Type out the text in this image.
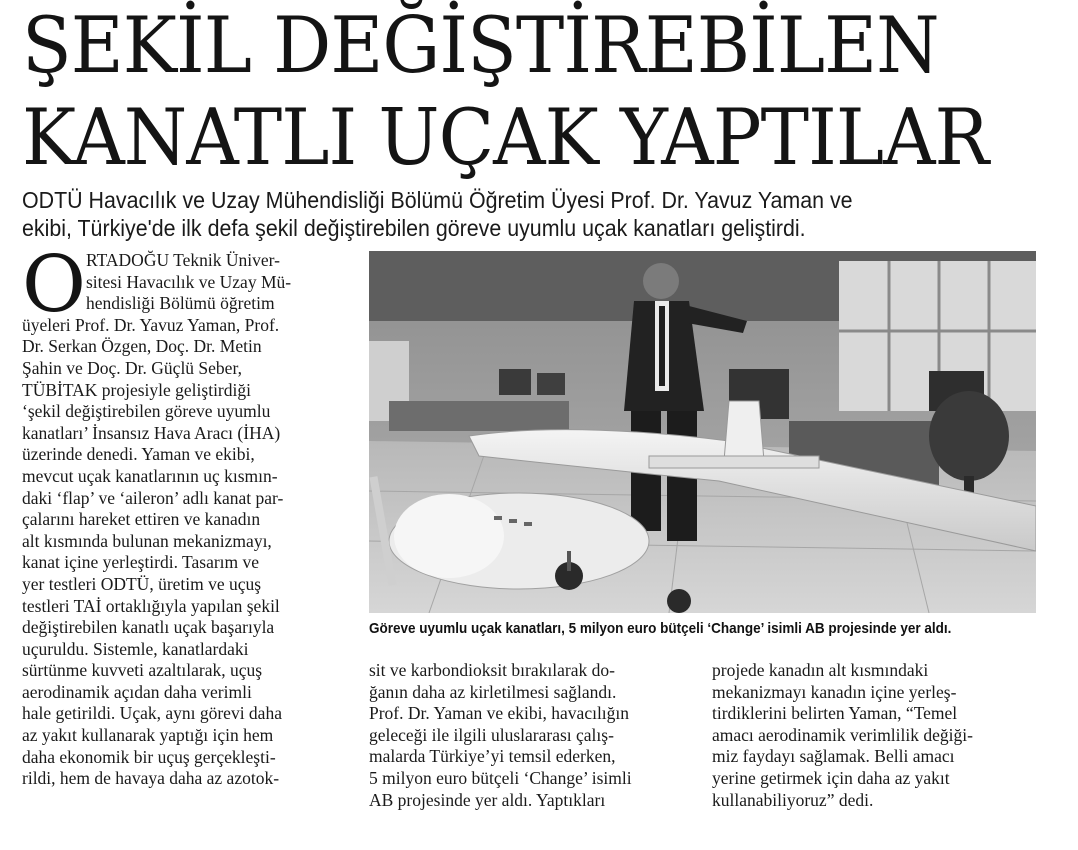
ŞEKİL DEĞİŞTİREBİLEN
KANATLI UÇAK YAPTILAR
ODTÜ Havacılık ve Uzay Mühendisliği Bölümü Öğretim Üyesi Prof. Dr. Yavuz Yaman ve
ekibi, Türkiye'de ilk defa şekil değiştirebilen göreve uyumlu uçak kanatları geliştirdi.
O RTADOĞU Teknik Üniver-
sitesi Havacılık ve Uzay Mü-
hendisliği Bölümü öğretim
üyeleri Prof. Dr. Yavuz Yaman, Prof.
Dr. Serkan Özgen, Doç. Dr. Metin
Şahin ve Doç. Dr. Güçlü Seber,
TÜBİTAK projesiyle geliştirdiği
‘şekil değiştirebilen göreve uyumlu
kanatları’ İnsansız Hava Aracı (İHA)
üzerinde denedi. Yaman ve ekibi,
mevcut uçak kanatlarının uç kısmın-
daki ‘flap’ ve ‘aileron’ adlı kanat par-
çalarını hareket ettiren ve kanadın
alt kısmında bulunan mekanizmayı,
kanat içine yerleştirdi. Tasarım ve
yer testleri ODTÜ, üretim ve uçuş
testleri TAİ ortaklığıyla yapılan şekil
değiştirebilen kanatlı uçak başarıyla
uçuruldu. Sistemle, kanatlardaki
sürtünme kuvveti azaltılarak, uçuş
aerodinamik açıdan daha verimli
hale getirildi. Uçak, aynı görevi daha
az yakıt kullanarak yaptığı için hem
daha ekonomik bir uçuş gerçekleşti-
rildi, hem de havaya daha az azotok-
sit ve karbondioksit bırakılarak do-
ğanın daha az kirletilmesi sağlandı.
Prof. Dr. Yaman ve ekibi, havacılığın
geleceği ile ilgili uluslararası çalış-
malarda Türkiye’yi temsil ederken,
5 milyon euro bütçeli ‘Change’ isimli
AB projesinde yer aldı. Yaptıkları
projede kanadın alt kısmındaki
mekanizmayı kanadın içine yerleş-
tirdiklerini belirten Yaman, “Temel
amacı aerodinamik verimlilik değiği-
miz faydayı sağlamak. Belli amacı
yerine getirmek için daha az yakıt
kullanabiliyoruz” dedi.
Göreve uyumlu uçak kanatları, 5 milyon euro bütçeli ‘Change’ isimli AB projesinde yer aldı.
